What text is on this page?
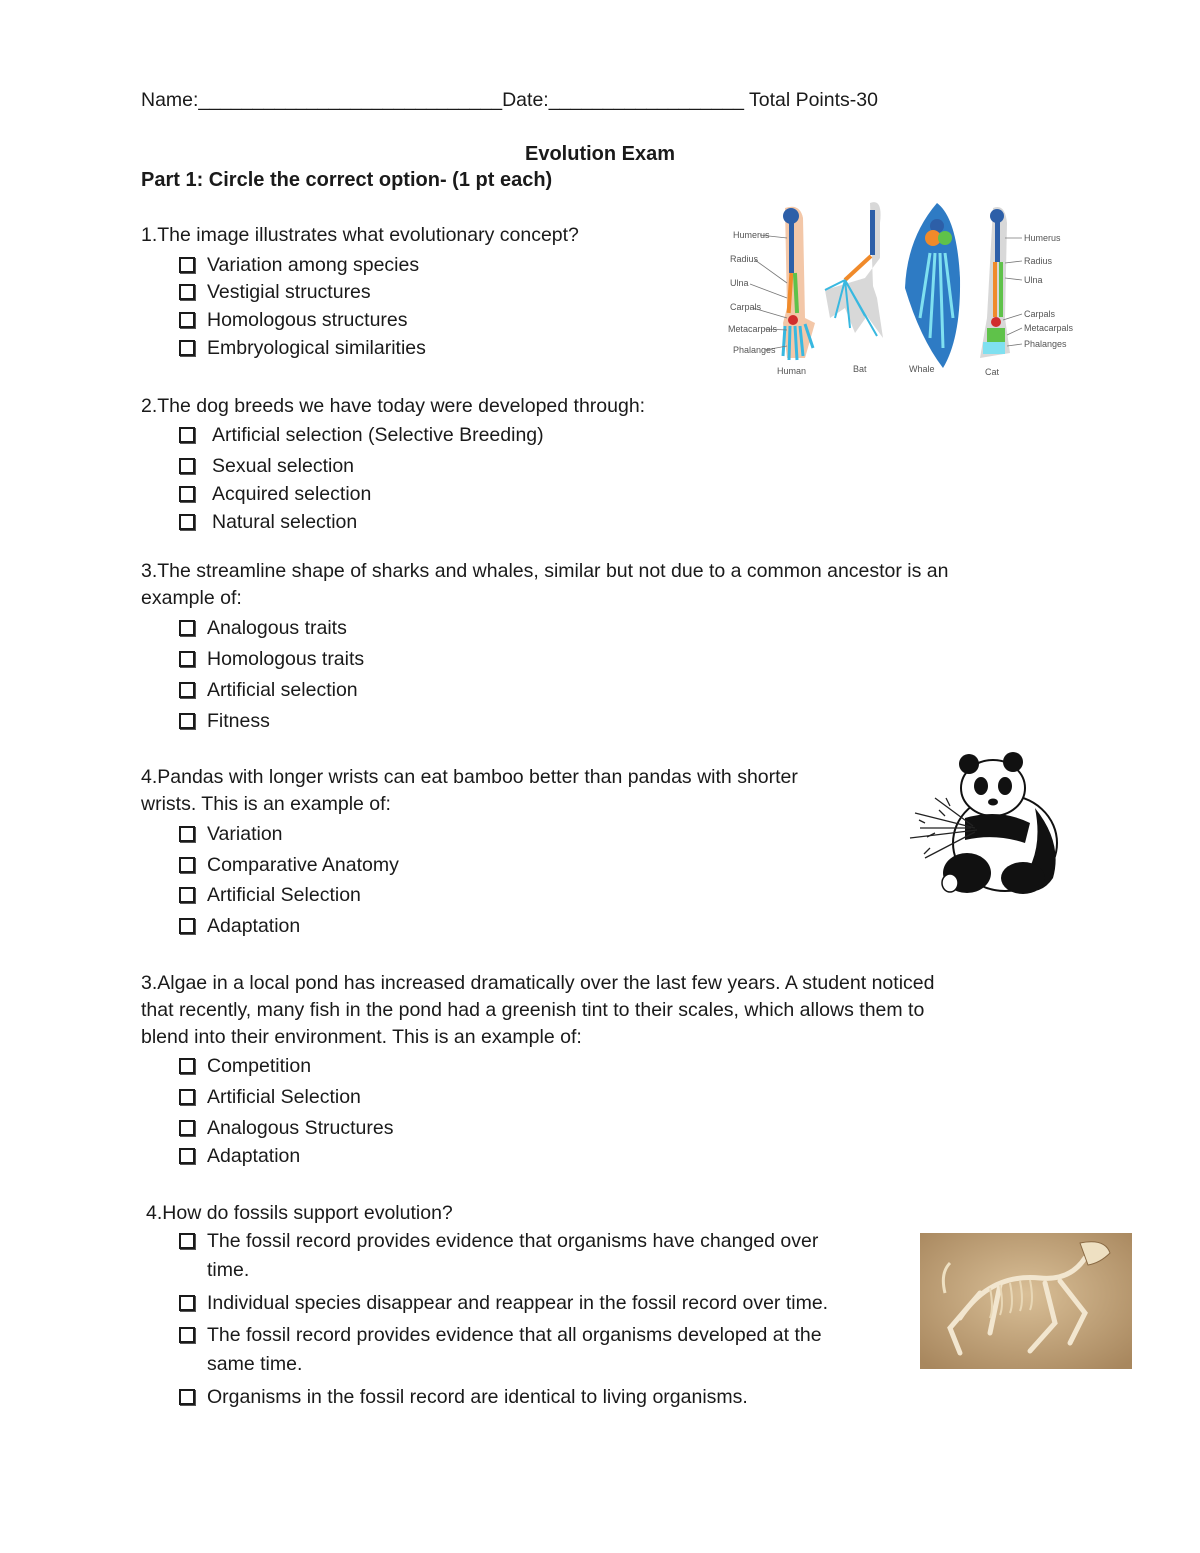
Name:____________________________Date:__________________ Total Points-30
Evolution Exam
Part 1: Circle the correct option- (1 pt each)
1.The image illustrates what evolutionary concept?
Variation among species
Vestigial structures
Homologous structures
Embryological similarities
Humerus
Radius
Ulna
Carpals
Metacarpals
Phalanges
Humerus
Radius
Ulna
Carpals
Metacarpals
Phalanges
Human	Bat	Whale	Cat
2.The dog breeds we have today were developed through:
Artificial selection (Selective Breeding)
Sexual selection
Acquired selection
Natural selection
3.The streamline shape of sharks and whales, similar but not due to a common ancestor is an
example of:
Analogous traits
Homologous traits
Artificial selection
Fitness
4.Pandas with longer wrists can eat bamboo better than pandas with shorter
wrists. This is an example of:
Variation
Comparative Anatomy
Artificial Selection
Adaptation
3.Algae in a local pond has increased dramatically over the last few years. A student noticed
that recently, many fish in the pond had a greenish tint to their scales, which allows them to
blend into their environment. This is an example of:
Competition
Artificial Selection
Analogous Structures
Adaptation
4.How do fossils support evolution?
The fossil record provides evidence that organisms have changed over
time.
Individual species disappear and reappear in the fossil record over time.
The fossil record provides evidence that all organisms developed at the
same time.
Organisms in the fossil record are identical to living organisms.
